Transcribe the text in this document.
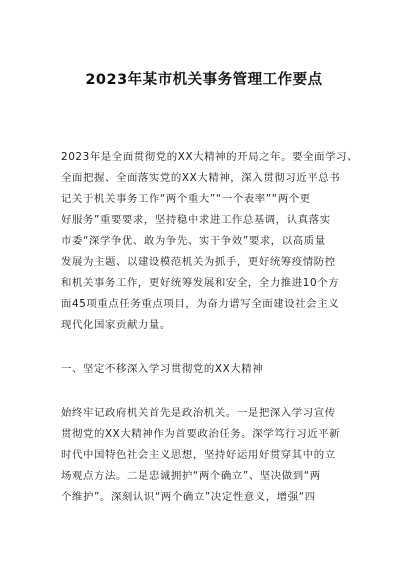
2023年某市机关事务管理工作要点
2023年是全面贯彻党的XX大精神的开局之年。要全面学习、
全面把握、全面落实党的XX大精神，深入贯彻习近平总书
记关于机关事务工作“两个重大”“一个表率”“两个更
好服务”重要要求，坚持稳中求进工作总基调，认真落实
市委“深学争优、敢为争先、实干争效”要求，以高质量
发展为主题、以建设模范机关为抓手，更好统筹疫情防控
和机关事务工作，更好统筹发展和安全，全力推进10个方
面45项重点任务重点项目，为奋力谱写全面建设社会主义
现代化国家贡献力量。
一、坚定不移深入学习贯彻党的XX大精神
始终牢记政府机关首先是政治机关。一是把深入学习宣传
贯彻党的XX大精神作为首要政治任务。深学笃行习近平新
时代中国特色社会主义思想，坚持好运用好贯穿其中的立
场观点方法。二是忠诚拥护“两个确立”、坚决做到“两
个维护”。深刻认识“两个确立”决定性意义，增强“四
